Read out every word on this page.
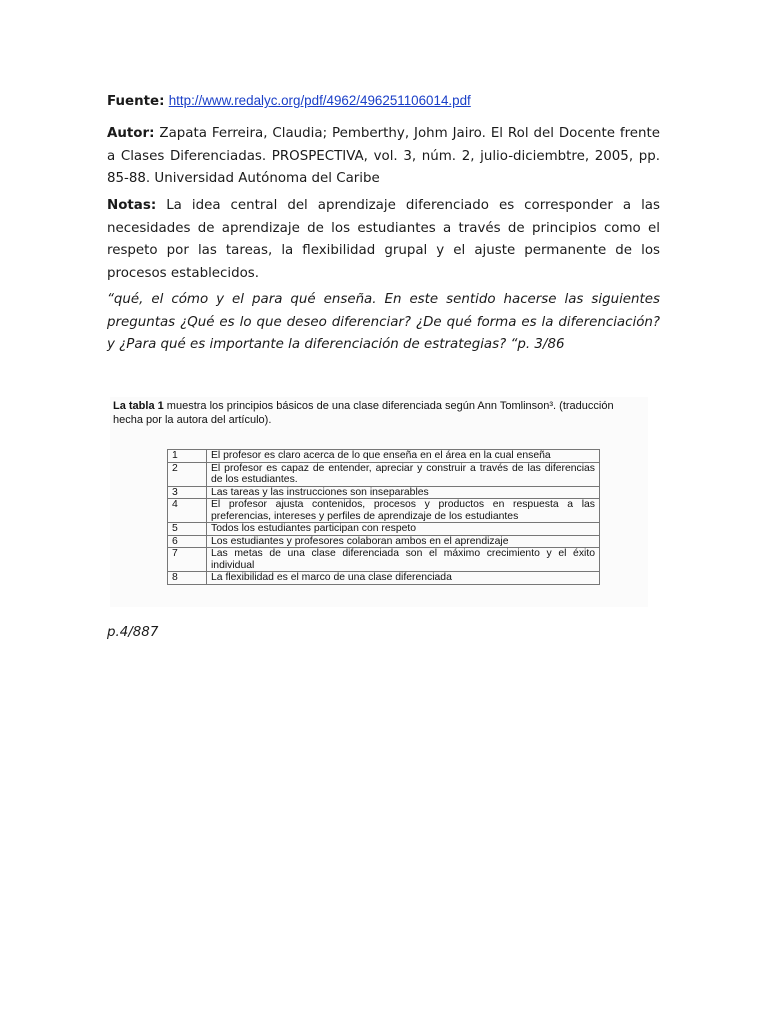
Fuente: http://www.redalyc.org/pdf/4962/496251106014.pdf
Autor: Zapata Ferreira, Claudia; Pemberthy, Johm Jairo. El Rol del Docente frente a Clases Diferenciadas. PROSPECTIVA, vol. 3, núm. 2, julio-diciembtre, 2005, pp. 85-88. Universidad Autónoma del Caribe
Notas: La idea central del aprendizaje diferenciado es corresponder a las necesidades de aprendizaje de los estudiantes a través de principios como el respeto por las tareas, la flexibilidad grupal y el ajuste permanente de los procesos establecidos.
“qué, el cómo y el para qué enseña. En este sentido hacerse las siguientes preguntas ¿Qué es lo que deseo diferenciar? ¿De qué forma es la diferenciación? y ¿Para qué es importante la diferenciación de estrategias? “p. 3/86
La tabla 1 muestra los principios básicos de una clase diferenciada según Ann Tomlinson³. (traducción hecha por la autora del artículo).
1	El profesor es claro acerca de lo que enseña en el área en la cual enseña
2	El profesor es capaz de entender, apreciar y construir a través de las diferencias de los estudiantes.
3	Las tareas y las instrucciones son inseparables
4	El profesor ajusta contenidos, procesos y productos en respuesta a las preferencias, intereses y perfiles de aprendizaje de los estudiantes
5	Todos los estudiantes participan con respeto
6	Los estudiantes y profesores colaboran ambos en el aprendizaje
7	Las metas de una clase diferenciada son el máximo crecimiento y el éxito individual
8	La flexibilidad es el marco de una clase diferenciada
p.4/887
